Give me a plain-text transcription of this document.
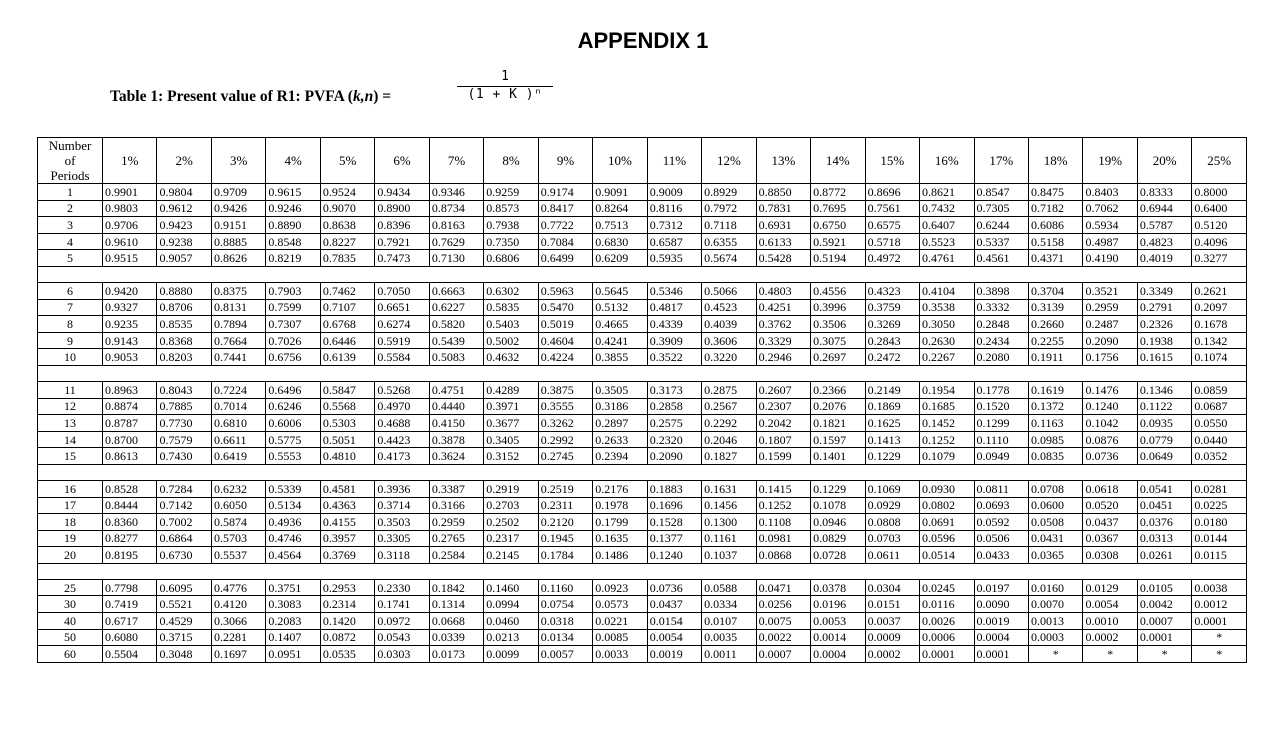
APPENDIX 1
Table 1: Present value of R1: PVFA (k,n) =
1
(1 + K )ⁿ
Number
of
Periods	1%	2%	3%	4%	5%	6%	7%	8%	9%	10%	11%	12%	13%	14%	15%	16%	17%	18%	19%	20%	25%
1	0.9901	0.9804	0.9709	0.9615	0.9524	0.9434	0.9346	0.9259	0.9174	0.9091	0.9009	0.8929	0.8850	0.8772	0.8696	0.8621	0.8547	0.8475	0.8403	0.8333	0.8000
2	0.9803	0.9612	0.9426	0.9246	0.9070	0.8900	0.8734	0.8573	0.8417	0.8264	0.8116	0.7972	0.7831	0.7695	0.7561	0.7432	0.7305	0.7182	0.7062	0.6944	0.6400
3	0.9706	0.9423	0.9151	0.8890	0.8638	0.8396	0.8163	0.7938	0.7722	0.7513	0.7312	0.7118	0.6931	0.6750	0.6575	0.6407	0.6244	0.6086	0.5934	0.5787	0.5120
4	0.9610	0.9238	0.8885	0.8548	0.8227	0.7921	0.7629	0.7350	0.7084	0.6830	0.6587	0.6355	0.6133	0.5921	0.5718	0.5523	0.5337	0.5158	0.4987	0.4823	0.4096
5	0.9515	0.9057	0.8626	0.8219	0.7835	0.7473	0.7130	0.6806	0.6499	0.6209	0.5935	0.5674	0.5428	0.5194	0.4972	0.4761	0.4561	0.4371	0.4190	0.4019	0.3277

6	0.9420	0.8880	0.8375	0.7903	0.7462	0.7050	0.6663	0.6302	0.5963	0.5645	0.5346	0.5066	0.4803	0.4556	0.4323	0.4104	0.3898	0.3704	0.3521	0.3349	0.2621
7	0.9327	0.8706	0.8131	0.7599	0.7107	0.6651	0.6227	0.5835	0.5470	0.5132	0.4817	0.4523	0.4251	0.3996	0.3759	0.3538	0.3332	0.3139	0.2959	0.2791	0.2097
8	0.9235	0.8535	0.7894	0.7307	0.6768	0.6274	0.5820	0.5403	0.5019	0.4665	0.4339	0.4039	0.3762	0.3506	0.3269	0.3050	0.2848	0.2660	0.2487	0.2326	0.1678
9	0.9143	0.8368	0.7664	0.7026	0.6446	0.5919	0.5439	0.5002	0.4604	0.4241	0.3909	0.3606	0.3329	0.3075	0.2843	0.2630	0.2434	0.2255	0.2090	0.1938	0.1342
10	0.9053	0.8203	0.7441	0.6756	0.6139	0.5584	0.5083	0.4632	0.4224	0.3855	0.3522	0.3220	0.2946	0.2697	0.2472	0.2267	0.2080	0.1911	0.1756	0.1615	0.1074

11	0.8963	0.8043	0.7224	0.6496	0.5847	0.5268	0.4751	0.4289	0.3875	0.3505	0.3173	0.2875	0.2607	0.2366	0.2149	0.1954	0.1778	0.1619	0.1476	0.1346	0.0859
12	0.8874	0.7885	0.7014	0.6246	0.5568	0.4970	0.4440	0.3971	0.3555	0.3186	0.2858	0.2567	0.2307	0.2076	0.1869	0.1685	0.1520	0.1372	0.1240	0.1122	0.0687
13	0.8787	0.7730	0.6810	0.6006	0.5303	0.4688	0.4150	0.3677	0.3262	0.2897	0.2575	0.2292	0.2042	0.1821	0.1625	0.1452	0.1299	0.1163	0.1042	0.0935	0.0550
14	0.8700	0.7579	0.6611	0.5775	0.5051	0.4423	0.3878	0.3405	0.2992	0.2633	0.2320	0.2046	0.1807	0.1597	0.1413	0.1252	0.1110	0.0985	0.0876	0.0779	0.0440
15	0.8613	0.7430	0.6419	0.5553	0.4810	0.4173	0.3624	0.3152	0.2745	0.2394	0.2090	0.1827	0.1599	0.1401	0.1229	0.1079	0.0949	0.0835	0.0736	0.0649	0.0352

16	0.8528	0.7284	0.6232	0.5339	0.4581	0.3936	0.3387	0.2919	0.2519	0.2176	0.1883	0.1631	0.1415	0.1229	0.1069	0.0930	0.0811	0.0708	0.0618	0.0541	0.0281
17	0.8444	0.7142	0.6050	0.5134	0.4363	0.3714	0.3166	0.2703	0.2311	0.1978	0.1696	0.1456	0.1252	0.1078	0.0929	0.0802	0.0693	0.0600	0.0520	0.0451	0.0225
18	0.8360	0.7002	0.5874	0.4936	0.4155	0.3503	0.2959	0.2502	0.2120	0.1799	0.1528	0.1300	0.1108	0.0946	0.0808	0.0691	0.0592	0.0508	0.0437	0.0376	0.0180
19	0.8277	0.6864	0.5703	0.4746	0.3957	0.3305	0.2765	0.2317	0.1945	0.1635	0.1377	0.1161	0.0981	0.0829	0.0703	0.0596	0.0506	0.0431	0.0367	0.0313	0.0144
20	0.8195	0.6730	0.5537	0.4564	0.3769	0.3118	0.2584	0.2145	0.1784	0.1486	0.1240	0.1037	0.0868	0.0728	0.0611	0.0514	0.0433	0.0365	0.0308	0.0261	0.0115

25	0.7798	0.6095	0.4776	0.3751	0.2953	0.2330	0.1842	0.1460	0.1160	0.0923	0.0736	0.0588	0.0471	0.0378	0.0304	0.0245	0.0197	0.0160	0.0129	0.0105	0.0038
30	0.7419	0.5521	0.4120	0.3083	0.2314	0.1741	0.1314	0.0994	0.0754	0.0573	0.0437	0.0334	0.0256	0.0196	0.0151	0.0116	0.0090	0.0070	0.0054	0.0042	0.0012
40	0.6717	0.4529	0.3066	0.2083	0.1420	0.0972	0.0668	0.0460	0.0318	0.0221	0.0154	0.0107	0.0075	0.0053	0.0037	0.0026	0.0019	0.0013	0.0010	0.0007	0.0001
50	0.6080	0.3715	0.2281	0.1407	0.0872	0.0543	0.0339	0.0213	0.0134	0.0085	0.0054	0.0035	0.0022	0.0014	0.0009	0.0006	0.0004	0.0003	0.0002	0.0001	*
60	0.5504	0.3048	0.1697	0.0951	0.0535	0.0303	0.0173	0.0099	0.0057	0.0033	0.0019	0.0011	0.0007	0.0004	0.0002	0.0001	0.0001	*	*	*	*
